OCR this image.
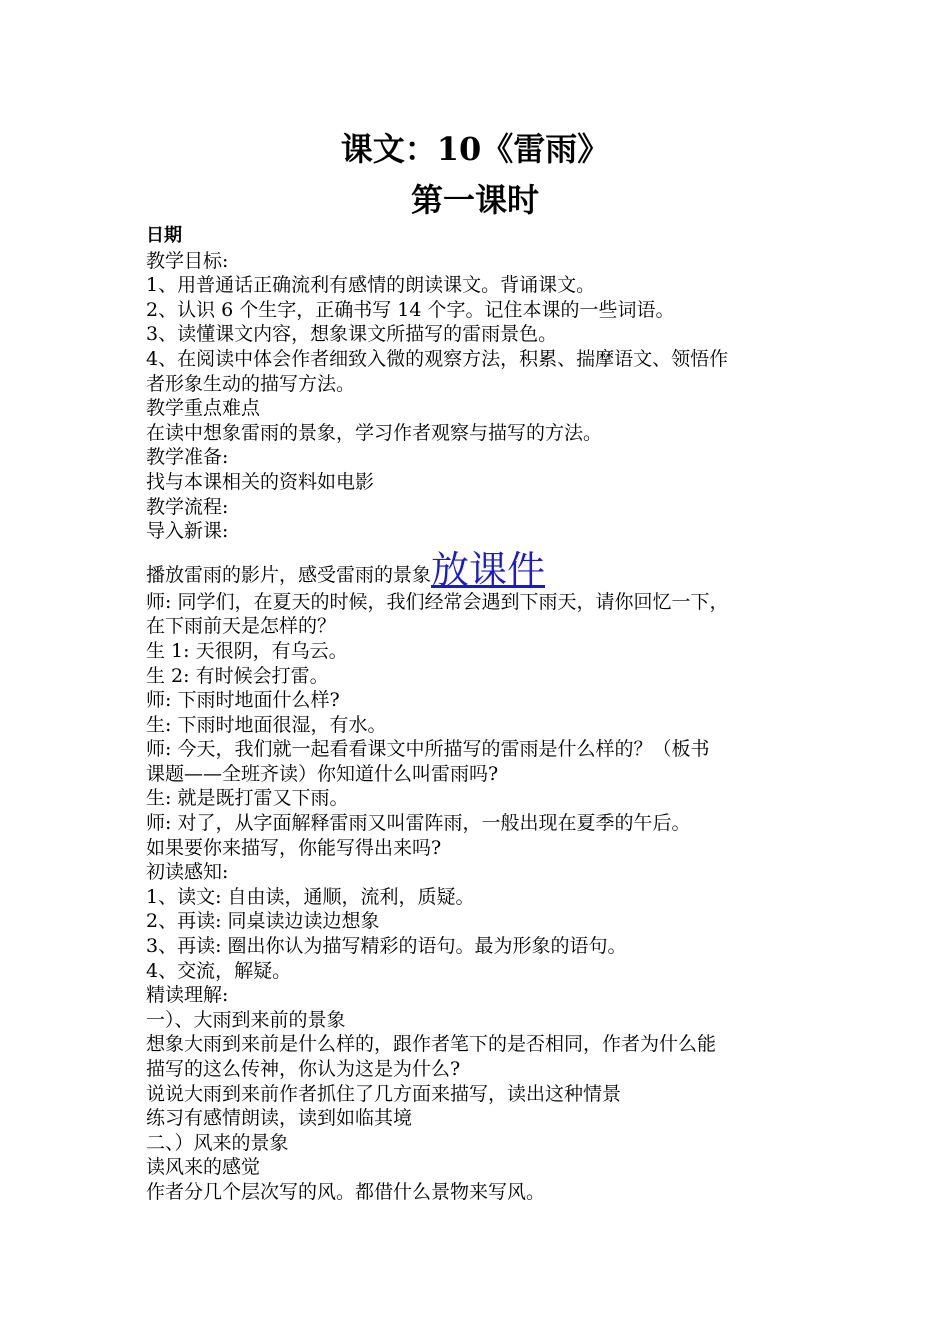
课文：10《雷雨》
第一课时
日期
教学目标:
1、用普通话正确流利有感情的朗读课文。背诵课文。
2、认识 6 个生字，正确书写 14 个字。记住本课的一些词语。
3、读懂课文内容，想象课文所描写的雷雨景色。
4、在阅读中体会作者细致入微的观察方法，积累、揣摩语文、领悟作
者形象生动的描写方法。
教学重点难点
在读中想象雷雨的景象，学习作者观察与描写的方法。
教学准备:
找与本课相关的资料如电影
教学流程:
导入新课:
播放雷雨的影片，感受雷雨的景象放课件
师: 同学们，在夏天的时候，我们经常会遇到下雨天，请你回忆一下，
在下雨前天是怎样的？
生 1: 天很阴，有乌云。
生 2: 有时候会打雷。
师: 下雨时地面什么样?
生: 下雨时地面很湿，有水。
师: 今天，我们就一起看看课文中所描写的雷雨是什么样的？（板书
课题——全班齐读）你知道什么叫雷雨吗?
生: 就是既打雷又下雨。
师: 对了，从字面解释雷雨又叫雷阵雨，一般出现在夏季的午后。
如果要你来描写，你能写得出来吗?
初读感知:
1、读文: 自由读，通顺，流利，质疑。
2、再读: 同桌读边读边想象
3、再读: 圈出你认为描写精彩的语句。最为形象的语句。
4、交流，解疑。
精读理解:
一）、大雨到来前的景象
想象大雨到来前是什么样的，跟作者笔下的是否相同，作者为什么能
描写的这么传神，你认为这是为什么?
说说大雨到来前作者抓住了几方面来描写，读出这种情景
练习有感情朗读，读到如临其境
二、）风来的景象
读风来的感觉
作者分几个层次写的风。都借什么景物来写风。
